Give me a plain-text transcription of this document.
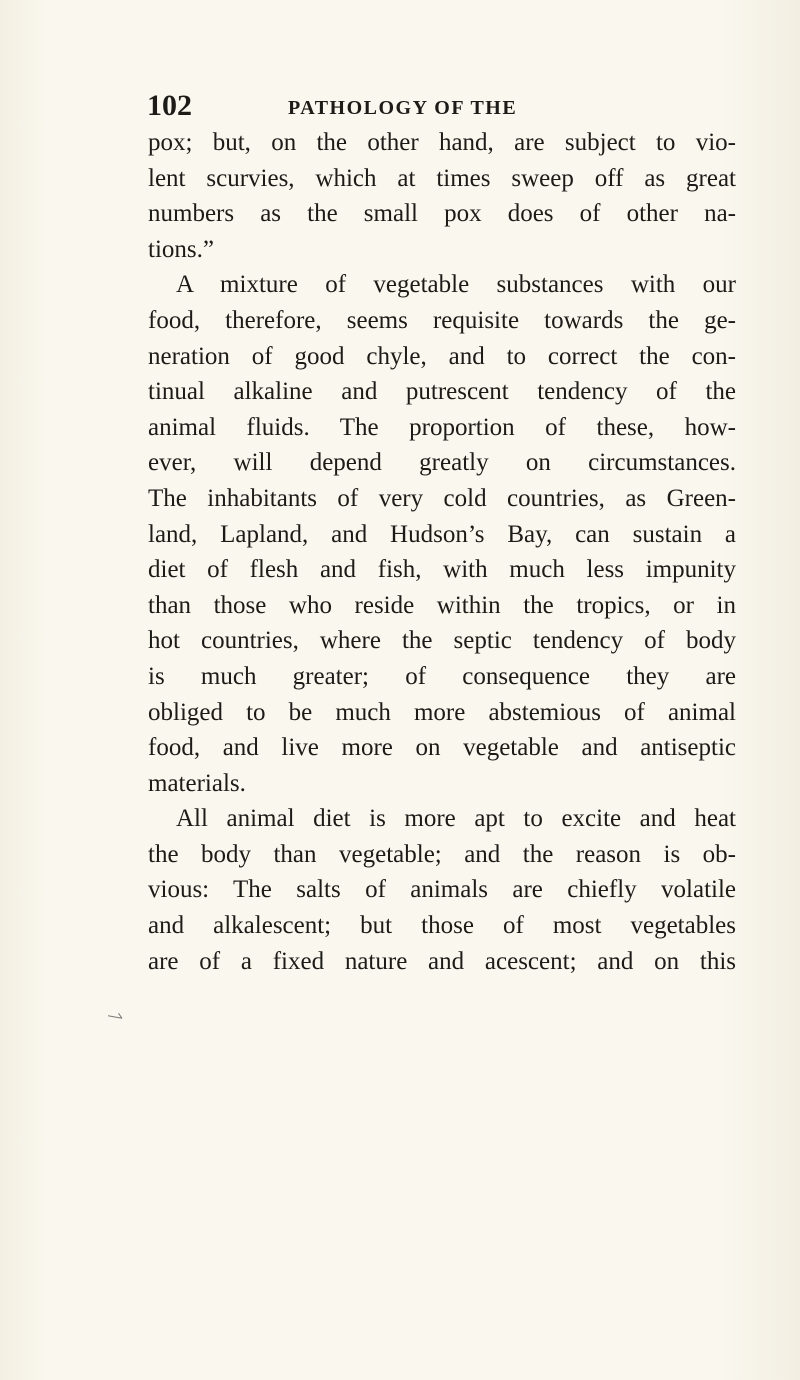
102	PATHOLOGY OF THE
pox; but, on the other hand, are subject to vio-
lent scurvies, which at times sweep off as great
numbers as the small pox does of other na-
tions.”
A mixture of vegetable substances with our
food, therefore, seems requisite towards the ge-
neration of good chyle, and to correct the con-
tinual alkaline and putrescent tendency of the
animal fluids. The proportion of these, how-
ever, will depend greatly on circumstances.
The inhabitants of very cold countries, as Green-
land, Lapland, and Hudson’s Bay, can sustain a
diet of flesh and fish, with much less impunity
than those who reside within the tropics, or in
hot countries, where the septic tendency of body
is much greater; of consequence they are
obliged to be much more abstemious of animal
food, and live more on vegetable and antiseptic
materials.
All animal diet is more apt to excite and heat
the body than vegetable; and the reason is ob-
vious: The salts of animals are chiefly volatile
and alkalescent; but those of most vegetables
are of a fixed nature and acescent; and on this
